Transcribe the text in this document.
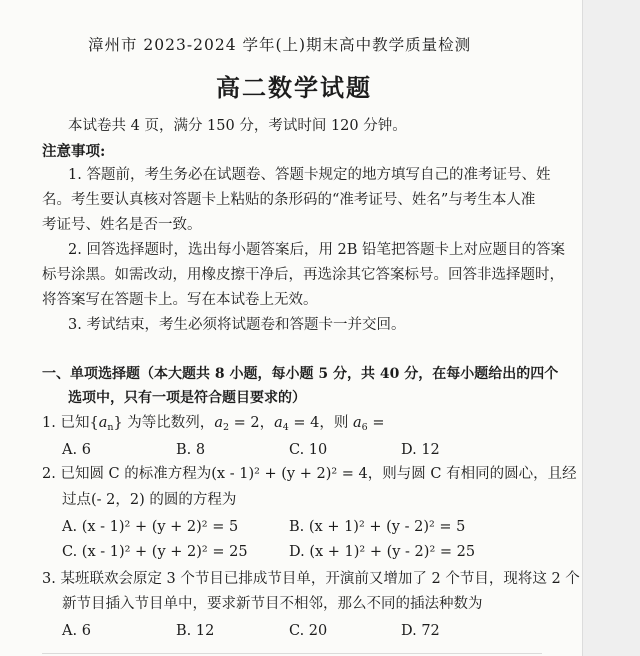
漳州市 2023-2024 学年(上)期末高中教学质量检测
高二数学试题
本试卷共 4 页，满分 150 分，考试时间 120 分钟。
注意事项:
1. 答题前，考生务必在试题卷、答题卡规定的地方填写自己的准考证号、姓
名。考生要认真核对答题卡上粘贴的条形码的“准考证号、姓名”与考生本人准
考证号、姓名是否一致。
2. 回答选择题时，选出每小题答案后，用 2B 铅笔把答题卡上对应题目的答案
标号涂黑。如需改动，用橡皮擦干净后，再选涂其它答案标号。回答非选择题时，
将答案写在答题卡上。写在本试卷上无效。
3. 考试结束，考生必须将试题卷和答题卡一并交回。
一、单项选择题（本大题共 8 小题，每小题 5 分，共 40 分，在每小题给出的四个
选项中，只有一项是符合题目要求的）
1. 已知$\{a_n\}$ 为等比数列，$a_2 = 2$，$a_4 = 4$，则 $a_6$ =
A. 6	B. 8	C. 10	D. 12
2. 已知圆 C 的标准方程为(x - 1)² + (y + 2)² = 4，则与圆 C 有相同的圆心，且经
过点(- 2，2) 的圆的方程为
A. (x - 1)² + (y + 2)² = 5	B. (x + 1)² + (y - 2)² = 5
C. (x - 1)² + (y + 2)² = 25	D. (x + 1)² + (y - 2)² = 25
3. 某班联欢会原定 3 个节目已排成节目单，开演前又增加了 2 个节目，现将这 2 个
新节目插入节目单中，要求新节目不相邻，那么不同的插法种数为
A. 6	B. 12	C. 20	D. 72
